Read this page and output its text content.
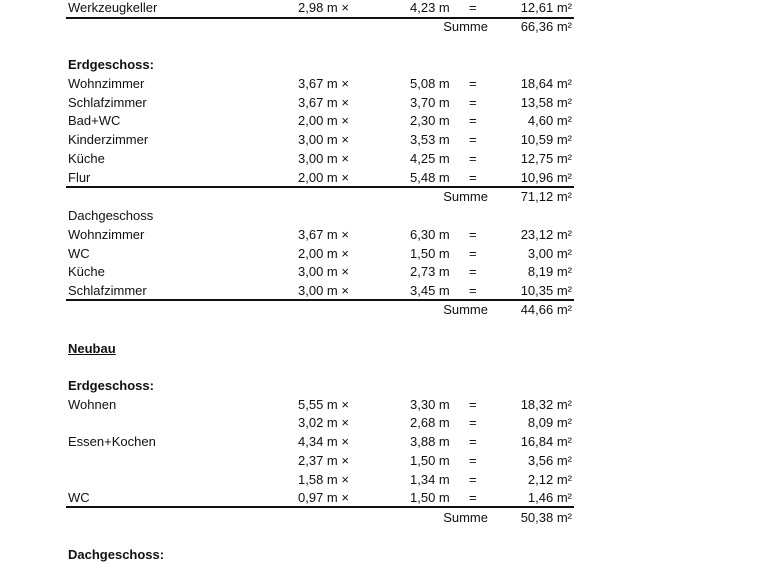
Werkzeugkeller	2,98 m ×	4,23 m =	12,61 m²
Summe	66,36 m²
Erdgeschoss:
Wohnzimmer	3,67 m ×	5,08 m =	18,64 m²
Schlafzimmer	3,67 m ×	3,70 m =	13,58 m²
Bad+WC	2,00 m ×	2,30 m =	4,60 m²
Kinderzimmer	3,00 m ×	3,53 m =	10,59 m²
Küche	3,00 m ×	4,25 m =	12,75 m²
Flur	2,00 m ×	5,48 m =	10,96 m²
Summe	71,12 m²
Dachgeschoss
Wohnzimmer	3,67 m ×	6,30 m =	23,12 m²
WC	2,00 m ×	1,50 m =	3,00 m²
Küche	3,00 m ×	2,73 m =	8,19 m²
Schlafzimmer	3,00 m ×	3,45 m =	10,35 m²
Summe	44,66 m²
Neubau
Erdgeschoss:
Wohnen	5,55 m ×	3,30 m =	18,32 m²
3,02 m ×	2,68 m =	8,09 m²
Essen+Kochen	4,34 m ×	3,88 m =	16,84 m²
2,37 m ×	1,50 m =	3,56 m²
1,58 m ×	1,34 m =	2,12 m²
WC	0,97 m ×	1,50 m =	1,46 m²
Summe	50,38 m²
Dachgeschoss:
